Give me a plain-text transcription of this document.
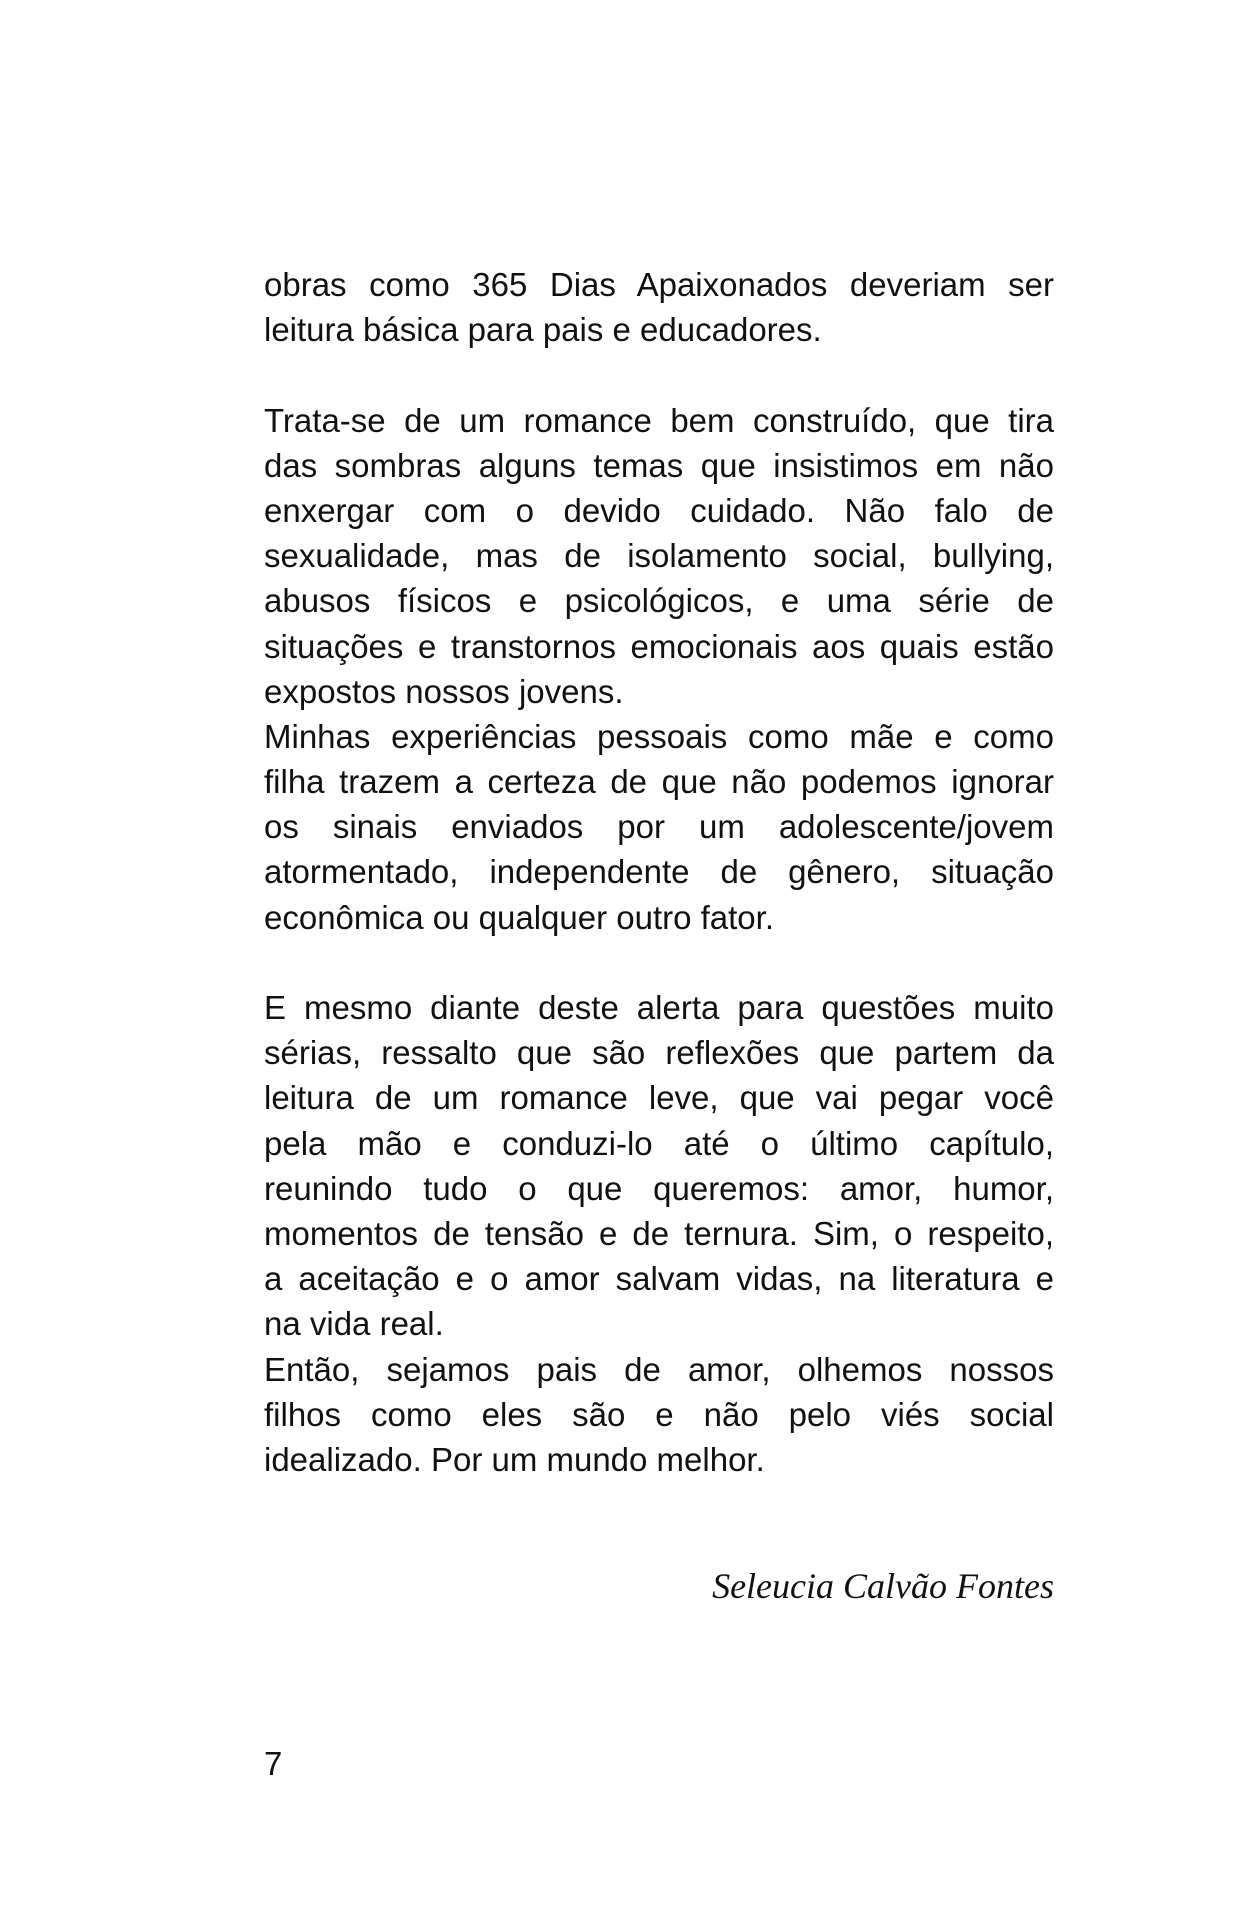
obras como 365 Dias Apaixonados deveriam ser
leitura básica para pais e educadores.
Trata-se de um romance bem construído, que tira
das sombras alguns temas que insistimos em não
enxergar com o devido cuidado. Não falo de
sexualidade, mas de isolamento social, bullying,
abusos físicos e psicológicos, e uma série de
situações e transtornos emocionais aos quais estão
expostos nossos jovens.
Minhas experiências pessoais como mãe e como
filha trazem a certeza de que não podemos ignorar
os sinais enviados por um adolescente/jovem
atormentado, independente de gênero, situação
econômica ou qualquer outro fator.
E mesmo diante deste alerta para questões muito
sérias, ressalto que são reflexões que partem da
leitura de um romance leve, que vai pegar você
pela mão e conduzi-lo até o último capítulo,
reunindo tudo o que queremos: amor, humor,
momentos de tensão e de ternura. Sim, o respeito,
a aceitação e o amor salvam vidas, na literatura e
na vida real.
Então, sejamos pais de amor, olhemos nossos
filhos como eles são e não pelo viés social
idealizado. Por um mundo melhor.
Seleucia Calvão Fontes
7
